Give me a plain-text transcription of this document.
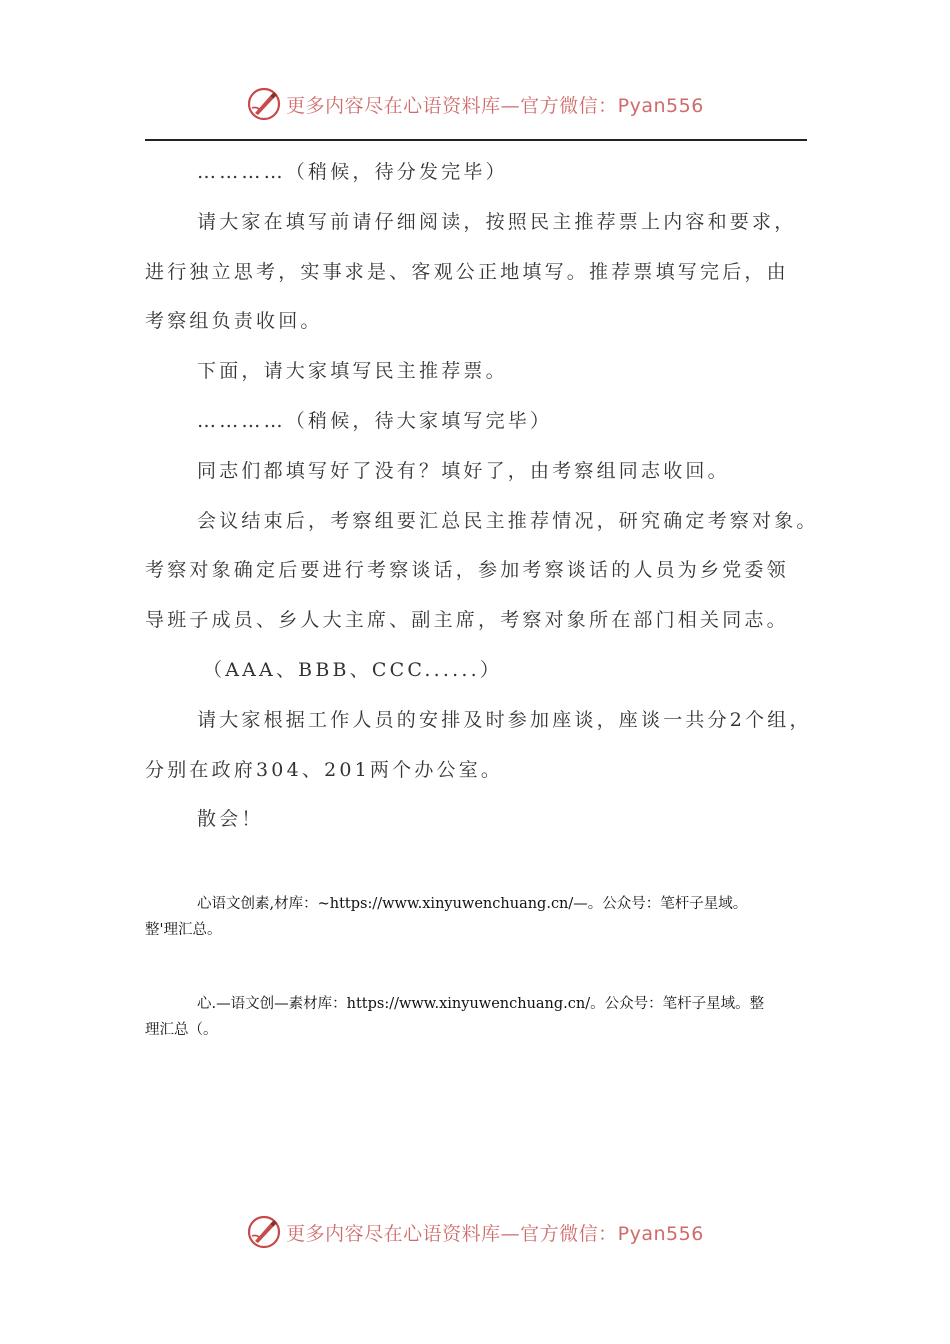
更多内容尽在心语资料库—官方微信：Pyan556

…………（稍候，待分发完毕）

请大家在填写前请仔细阅读，按照民主推荐票上内容和要求，

进行独立思考，实事求是、客观公正地填写。推荐票填写完后，由

考察组负责收回。

下面，请大家填写民主推荐票。

…………（稍候，待大家填写完毕）

同志们都填写好了没有？填好了，由考察组同志收回。

会议结束后，考察组要汇总民主推荐情况，研究确定考察对象。

考察对象确定后要进行考察谈话，参加考察谈话的人员为乡党委领

导班子成员、乡人大主席、副主席，考察对象所在部门相关同志。

（AAA、BBB、CCC......）

请大家根据工作人员的安排及时参加座谈，座谈一共分2个组，

分别在政府304、201两个办公室。

散会！

心语文创素,材库：~https://www.xinyuwenchuang.cn/—。公众号：笔杆子星域。
整'理汇总。
心.—语文创—素材库：https://www.xinyuwenchuang.cn/。公众号：笔杆子星域。整
理汇总（。
更多内容尽在心语资料库—官方微信：Pyan556
